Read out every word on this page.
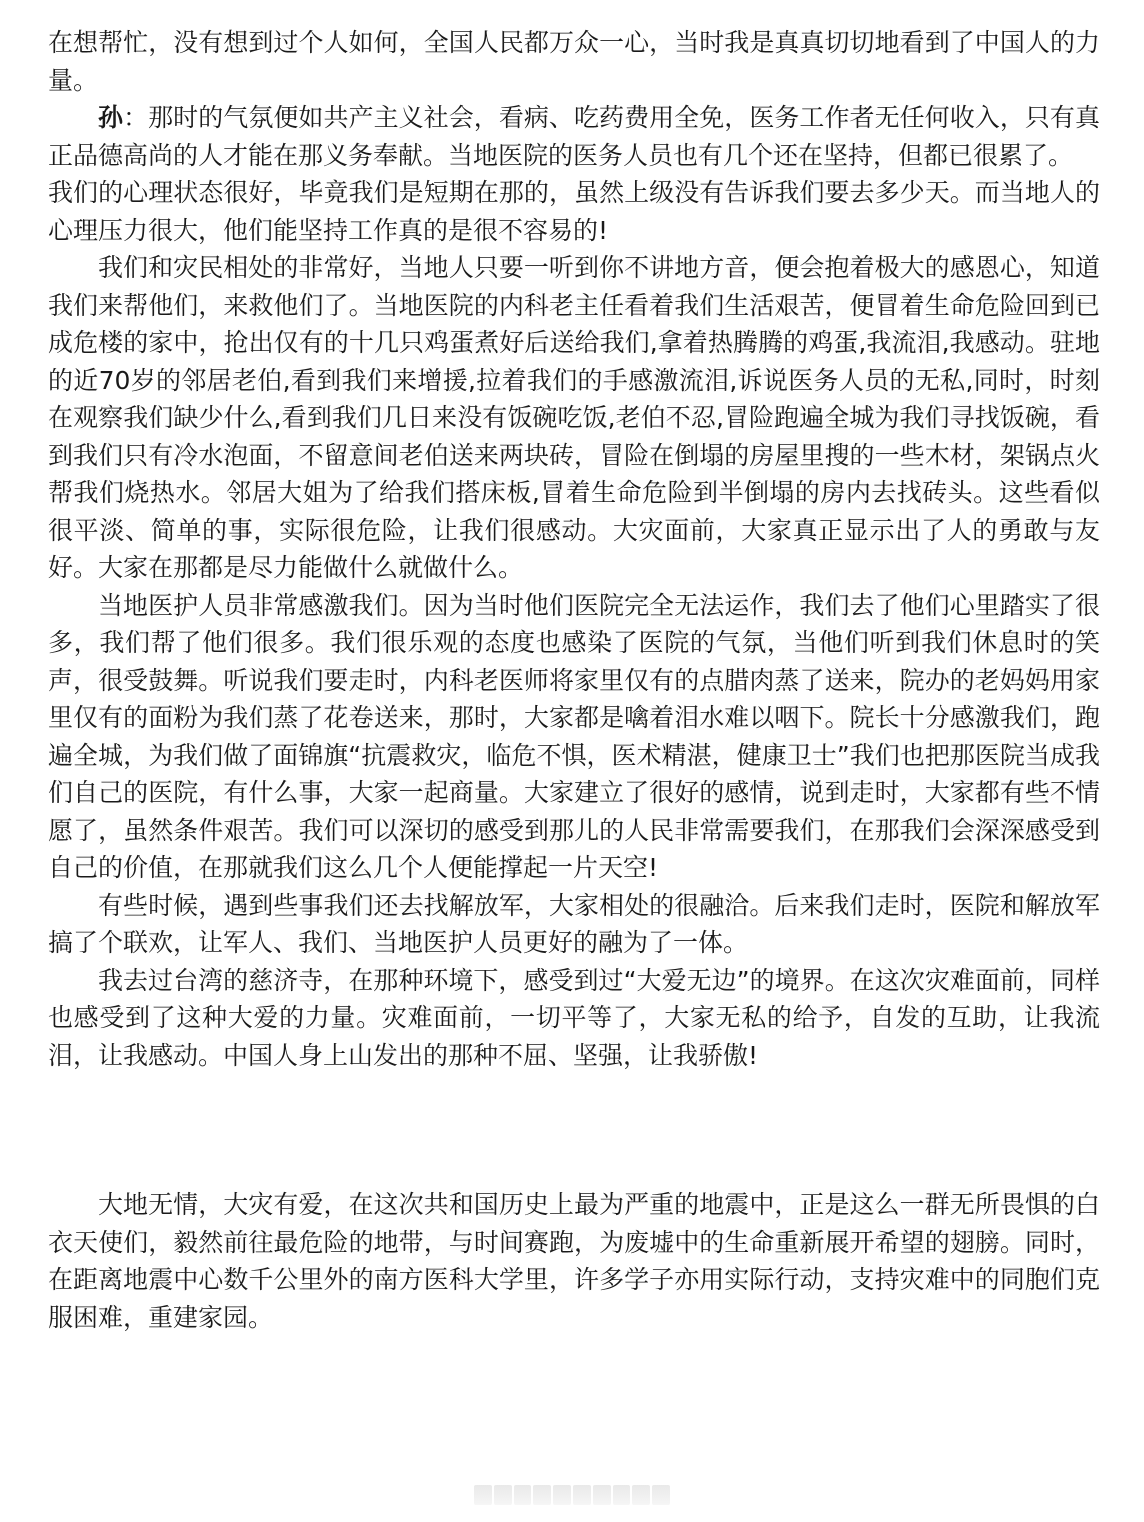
在想帮忙，没有想到过个人如何，全国人民都万众一心，当时我是真真切切地看到了中国人的力量。

孙：那时的气氛便如共产主义社会，看病、吃药费用全免，医务工作者无任何收入，只有真正品德高尚的人才能在那义务奉献。当地医院的医务人员也有几个还在坚持，但都已很累了。

我们的心理状态很好，毕竟我们是短期在那的，虽然上级没有告诉我们要去多少天。而当地人的心理压力很大，他们能坚持工作真的是很不容易的!

我们和灾民相处的非常好，当地人只要一听到你不讲地方音，便会抱着极大的感恩心，知道我们来帮他们，来救他们了。当地医院的内科老主任看着我们生活艰苦，便冒着生命危险回到已成危楼的家中，抢出仅有的十几只鸡蛋煮好后送给我们,拿着热腾腾的鸡蛋,我流泪,我感动。驻地的近70岁的邻居老伯,看到我们来增援,拉着我们的手感激流泪,诉说医务人员的无私,同时，时刻在观察我们缺少什么,看到我们几日来没有饭碗吃饭,老伯不忍,冒险跑遍全城为我们寻找饭碗，看到我们只有冷水泡面，不留意间老伯送来两块砖，冒险在倒塌的房屋里搜的一些木材，架锅点火帮我们烧热水。邻居大姐为了给我们搭床板,冒着生命危险到半倒塌的房内去找砖头。这些看似很平淡、简单的事，实际很危险，让我们很感动。大灾面前，大家真正显示出了人的勇敢与友好。大家在那都是尽力能做什么就做什么。

当地医护人员非常感激我们。因为当时他们医院完全无法运作，我们去了他们心里踏实了很多，我们帮了他们很多。我们很乐观的态度也感染了医院的气氛，当他们听到我们休息时的笑声，很受鼓舞。听说我们要走时，内科老医师将家里仅有的点腊肉蒸了送来，院办的老妈妈用家里仅有的面粉为我们蒸了花卷送来，那时，大家都是噙着泪水难以咽下。院长十分感激我们，跑遍全城，为我们做了面锦旗“抗震救灾，临危不惧，医术精湛，健康卫士”我们也把那医院当成我们自己的医院，有什么事，大家一起商量。大家建立了很好的感情，说到走时，大家都有些不情愿了，虽然条件艰苦。我们可以深切的感受到那儿的人民非常需要我们，在那我们会深深感受到自己的价值，在那就我们这么几个人便能撑起一片天空!

有些时候，遇到些事我们还去找解放军，大家相处的很融洽。后来我们走时，医院和解放军搞了个联欢，让军人、我们、当地医护人员更好的融为了一体。

我去过台湾的慈济寺，在那种环境下，感受到过“大爱无边”的境界。在这次灾难面前，同样也感受到了这种大爱的力量。灾难面前，一切平等了，大家无私的给予，自发的互助，让我流泪，让我感动。中国人身上山发出的那种不屈、坚强，让我骄傲!

大地无情，大灾有爱，在这次共和国历史上最为严重的地震中，正是这么一群无所畏惧的白衣天使们，毅然前往最危险的地带，与时间赛跑，为废墟中的生命重新展开希望的翅膀。同时，在距离地震中心数千公里外的南方医科大学里，许多学子亦用实际行动，支持灾难中的同胞们克服困难，重建家园。
